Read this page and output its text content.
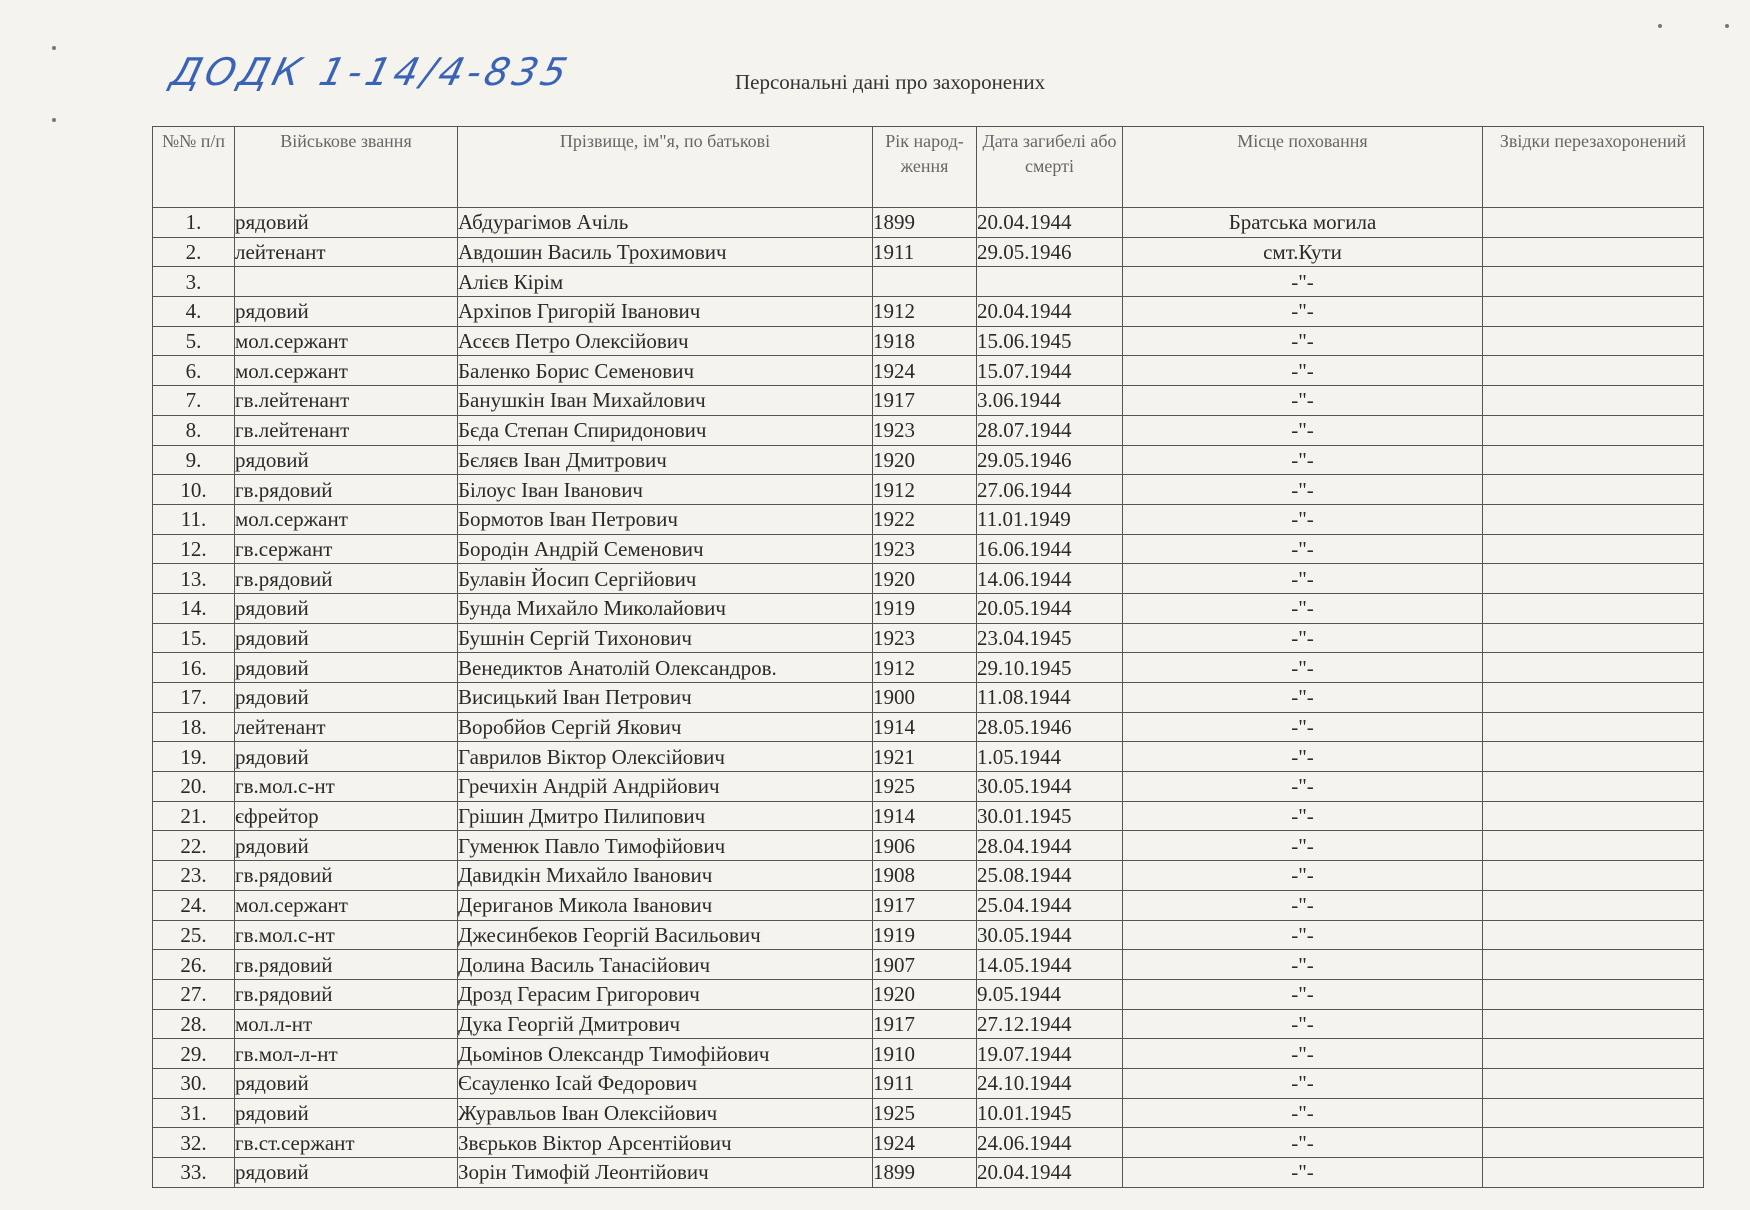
ДОДК 1-14/4-835	Персональні дані про захоронених
№№ п/п	Військове звання	Прізвище, ім"я, по батькові	Рік народ-ження	Дата загибелі або смерті	Місце поховання	Звідки перезахоронений
1.	рядовий	Абдурагімов Ачіль	1899	20.04.1944	Братська могила	
2.	лейтенант	Авдошин Василь Трохимович	1911	29.05.1946	смт.Кути	
3.		Алієв Кірім			-"-	
4.	рядовий	Архіпов Григорій Іванович	1912	20.04.1944	-"-	
5.	мол.сержант	Асєєв Петро Олексійович	1918	15.06.1945	-"-	
6.	мол.сержант	Баленко Борис Семенович	1924	15.07.1944	-"-	
7.	гв.лейтенант	Банушкін Іван Михайлович	1917	3.06.1944	-"-	
8.	гв.лейтенант	Бєда Степан Спиридонович	1923	28.07.1944	-"-	
9.	рядовий	Бєляєв Іван Дмитрович	1920	29.05.1946	-"-	
10.	гв.рядовий	Білоус Іван Іванович	1912	27.06.1944	-"-	
11.	мол.сержант	Бормотов Іван Петрович	1922	11.01.1949	-"-	
12.	гв.сержант	Бородін Андрій Семенович	1923	16.06.1944	-"-	
13.	гв.рядовий	Булавін Йосип Сергійович	1920	14.06.1944	-"-	
14.	рядовий	Бунда Михайло Миколайович	1919	20.05.1944	-"-	
15.	рядовий	Бушнін Сергій Тихонович	1923	23.04.1945	-"-	
16.	рядовий	Венедиктов Анатолій Олександров.	1912	29.10.1945	-"-	
17.	рядовий	Висицький Іван Петрович	1900	11.08.1944	-"-	
18.	лейтенант	Воробйов Сергій Якович	1914	28.05.1946	-"-	
19.	рядовий	Гаврилов Віктор Олексійович	1921	1.05.1944	-"-	
20.	гв.мол.с-нт	Гречихін Андрій Андрійович	1925	30.05.1944	-"-	
21.	єфрейтор	Грішин Дмитро Пилипович	1914	30.01.1945	-"-	
22.	рядовий	Гуменюк Павло Тимофійович	1906	28.04.1944	-"-	
23.	гв.рядовий	Давидкін Михайло Іванович	1908	25.08.1944	-"-	
24.	мол.сержант	Дериганов Микола Іванович	1917	25.04.1944	-"-	
25.	гв.мол.с-нт	Джесинбеков Георгій Васильович	1919	30.05.1944	-"-	
26.	гв.рядовий	Долина Василь Танасійович	1907	14.05.1944	-"-	
27.	гв.рядовий	Дрозд Герасим Григорович	1920	9.05.1944	-"-	
28.	мол.л-нт	Дука Георгій Дмитрович	1917	27.12.1944	-"-	
29.	гв.мол-л-нт	Дьомінов Олександр Тимофійович	1910	19.07.1944	-"-	
30.	рядовий	Єсауленко Ісай Федорович	1911	24.10.1944	-"-	
31.	рядовий	Журавльов Іван Олексійович	1925	10.01.1945	-"-	
32.	гв.ст.сержант	Звєрьков Віктор Арсентійович	1924	24.06.1944	-"-	
33.	рядовий	Зорін Тимофій Леонтійович	1899	20.04.1944	-"-	
